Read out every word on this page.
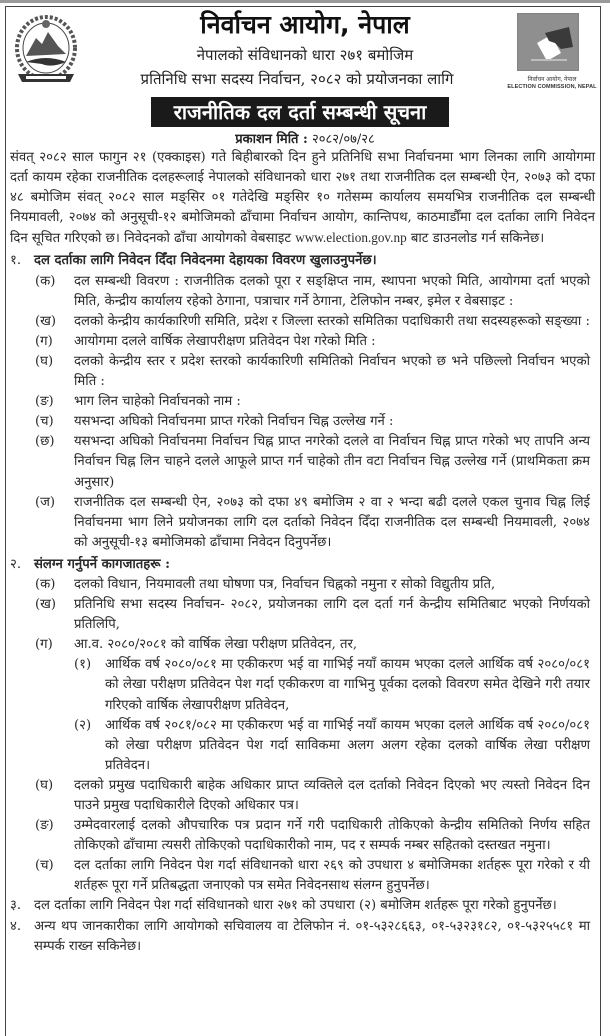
निर्वाचन आयोग, नेपाल
ELECTION COMMISSION, NEPAL
निर्वाचन आयोग, नेपाल
नेपालको संविधानको धारा २७१ बमोजिम
प्रतिनिधि सभा सदस्य निर्वाचन, २०८२ को प्रयोजनका लागि
राजनीतिक दल दर्ता सम्बन्धी सूचना
प्रकाशन मिति : २०८२/०७/२८

संवत् २०८२ साल फागुन २१ (एक्काइस) गते बिहीबारको दिन हुने प्रतिनिधि सभा निर्वाचनमा भाग लिनका लागि आयोगमा दर्ता कायम रहेका राजनीतिक दलहरूलाई नेपालको संविधानको धारा २७१ तथा राजनीतिक दल सम्बन्धी ऐन, २०७३ को दफा ४८ बमोजिम संवत् २०८२ साल मङ्सिर ०१ गतेदेखि मङ्सिर १० गतेसम्म कार्यालय समयभित्र राजनीतिक दल सम्बन्धी नियमावली, २०७४ को अनुसूची-१२ बमोजिमको ढाँचामा निर्वाचन आयोग, कान्तिपथ, काठमाडौँमा दल दर्ताका लागि निवेदन दिन सूचित गरिएको छ। निवेदनको ढाँचा आयोगको वेबसाइट www.election.gov.np बाट डाउनलोड गर्न सकिनेछ।

१. दल दर्ताका लागि निवेदन दिँदा निवेदनमा देहायका विवरण खुलाउनुपर्नेछ।
(क)	दल सम्बन्धी विवरण : राजनीतिक दलको पूरा र सङ्क्षिप्त नाम, स्थापना भएको मिति, आयोगमा दर्ता भएको मिति, केन्द्रीय कार्यालय रहेको ठेगाना, पत्राचार गर्ने ठेगाना, टेलिफोन नम्बर, इमेल र वेबसाइट :
(ख)	दलको केन्द्रीय कार्यकारिणी समिति, प्रदेश र जिल्ला स्तरको समितिका पदाधिकारी तथा सदस्यहरूको सङ्ख्या :
(ग)	आयोगमा दलले वार्षिक लेखापरीक्षण प्रतिवेदन पेश गरेको मिति :
(घ)	दलको केन्द्रीय स्तर र प्रदेश स्तरको कार्यकारिणी समितिको निर्वाचन भएको छ भने पछिल्लो निर्वाचन भएको मिति :
(ङ)	भाग लिन चाहेको निर्वाचनको नाम :
(च)	यसभन्दा अघिको निर्वाचनमा प्राप्त गरेको निर्वाचन चिह्न उल्लेख गर्ने :
(छ)	यसभन्दा अघिको निर्वाचनमा निर्वाचन चिह्न प्राप्त नगरेको दलले वा निर्वाचन चिह्न प्राप्त गरेको भए तापनि अन्य निर्वाचन चिह्न लिन चाहने दलले आफूले प्राप्त गर्न चाहेको तीन वटा निर्वाचन चिह्न उल्लेख गर्ने (प्राथमिकता क्रम अनुसार)
(ज)	राजनीतिक दल सम्बन्धी ऐन, २०७३ को दफा ४९ बमोजिम २ वा २ भन्दा बढी दलले एकल चुनाव चिह्न लिई निर्वाचनमा भाग लिने प्रयोजनका लागि दल दर्ताको निवेदन दिँदा राजनीतिक दल सम्बन्धी नियमावली, २०७४ को अनुसूची-१३ बमोजिमको ढाँचामा निवेदन दिनुपर्नेछ।
२. संलग्न गर्नुपर्ने कागजातहरू :
(क)	दलको विधान, नियमावली तथा घोषणा पत्र, निर्वाचन चिह्नको नमुना र सोको विद्युतीय प्रति,
(ख)	प्रतिनिधि सभा सदस्य निर्वाचन- २०८२, प्रयोजनका लागि दल दर्ता गर्न केन्द्रीय समितिबाट भएको निर्णयको प्रतिलिपि,
(ग)	आ.व. २०८०/२०८१ को वार्षिक लेखा परीक्षण प्रतिवेदन, तर,
(१)	आर्थिक वर्ष २०८०/०८१ मा एकीकरण भई वा गाभिई नयाँ कायम भएका दलले आर्थिक वर्ष २०८०/०८१ को लेखा परीक्षण प्रतिवेदन पेश गर्दा एकीकरण वा गाभिनु पूर्वका दलको विवरण समेत देखिने गरी तयार गरिएको वार्षिक लेखापरीक्षण प्रतिवेदन,
(२)	आर्थिक वर्ष २०८१/०८२ मा एकीकरण भई वा गाभिई नयाँ कायम भएका दलले आर्थिक वर्ष २०८०/०८१ को लेखा परीक्षण प्रतिवेदन पेश गर्दा साविकमा अलग अलग रहेका दलको वार्षिक लेखा परीक्षण प्रतिवेदन।
(घ)	दलको प्रमुख पदाधिकारी बाहेक अधिकार प्राप्त व्यक्तिले दल दर्ताको निवेदन दिएको भए त्यस्तो निवेदन दिन पाउने प्रमुख पदाधिकारीले दिएको अधिकार पत्र।
(ङ)	उम्मेदवारलाई दलको औपचारिक पत्र प्रदान गर्ने गरी पदाधिकारी तोकिएको केन्द्रीय समितिको निर्णय सहित तोकिएको ढाँचामा त्यसरी तोकिएको पदाधिकारीको नाम, पद र सम्पर्क नम्बर सहितको दस्तखत नमुना।
(च)	दल दर्ताका लागि निवेदन पेश गर्दा संविधानको धारा २६९ को उपधारा ४ बमोजिमका शर्तहरू पूरा गरेको र यी शर्तहरू पूरा गर्ने प्रतिबद्धता जनाएको पत्र समेत निवेदनसाथ संलग्न हुनुपर्नेछ।
३. दल दर्ताका लागि निवेदन पेश गर्दा संविधानको धारा २७१ को उपधारा (२) बमोजिम शर्तहरू पूरा गरेको हुनुपर्नेछ।
४. अन्य थप जानकारीका लागि आयोगको सचिवालय वा टेलिफोन नं. ०१-५३२८६६३, ०१-५३२३१८२, ०१-५३२५५८१ मा सम्पर्क राख्न सकिनेछ।
